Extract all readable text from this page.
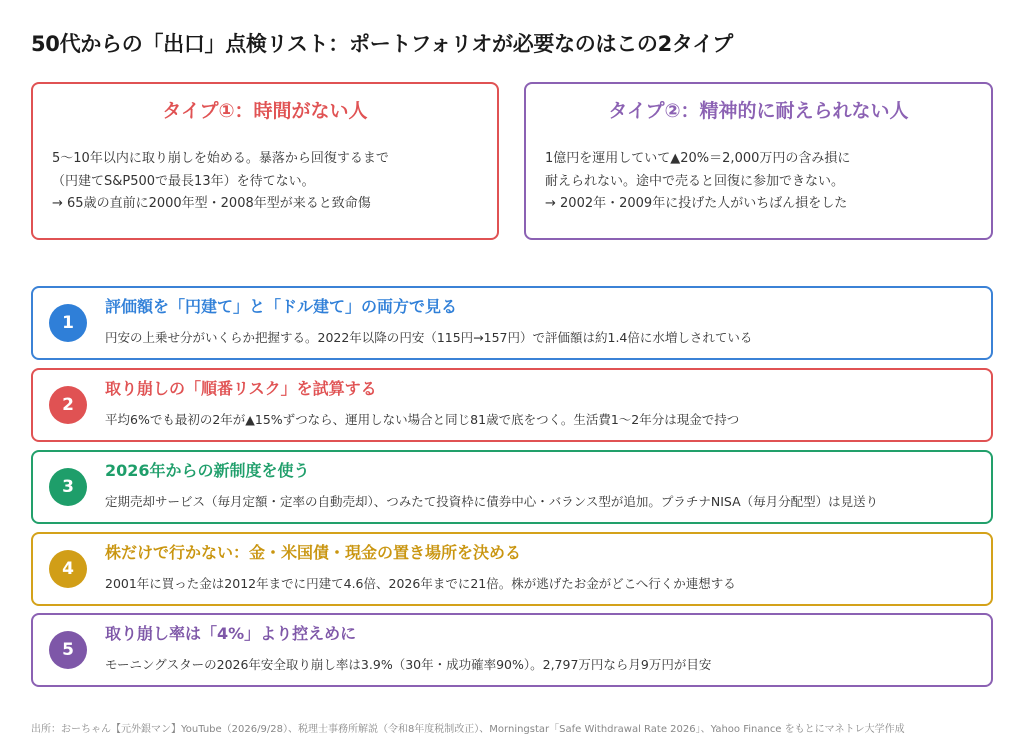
50代からの「出口」点検リスト：ポートフォリオが必要なのはこの2タイプ
タイプ①：時間がない人
5〜10年以内に取り崩しを始める。暴落から回復するまで
（円建てS&P500で最長13年）を待てない。
→ 65歳の直前に2000年型・2008年型が来ると致命傷
タイプ②：精神的に耐えられない人
1億円を運用していて▲20%＝2,000万円の含み損に
耐えられない。途中で売ると回復に参加できない。
→ 2002年・2009年に投げた人がいちばん損をした
1
評価額を「円建て」と「ドル建て」の両方で見る
円安の上乗せ分がいくらか把握する。2022年以降の円安（115円→157円）で評価額は約1.4倍に水増しされている
2
取り崩しの「順番リスク」を試算する
平均6%でも最初の2年が▲15%ずつなら、運用しない場合と同じ81歳で底をつく。生活費1〜2年分は現金で持つ
3
2026年からの新制度を使う
定期売却サービス（毎月定額・定率の自動売却）、つみたて投資枠に債券中心・バランス型が追加。プラチナNISA（毎月分配型）は見送り
4
株だけで行かない：金・米国債・現金の置き場所を決める
2001年に買った金は2012年までに円建て4.6倍、2026年までに21倍。株が逃げたお金がどこへ行くか連想する
5
取り崩し率は「4%」より控えめに
モーニングスターの2026年安全取り崩し率は3.9%（30年・成功確率90%）。2,797万円なら月9万円が目安
出所：おーちゃん【元外銀マン】YouTube（2026/9/28）、税理士事務所解説（令和8年度税制改正）、Morningstar「Safe Withdrawal Rate 2026」、Yahoo Finance をもとにマネトレ大学作成
